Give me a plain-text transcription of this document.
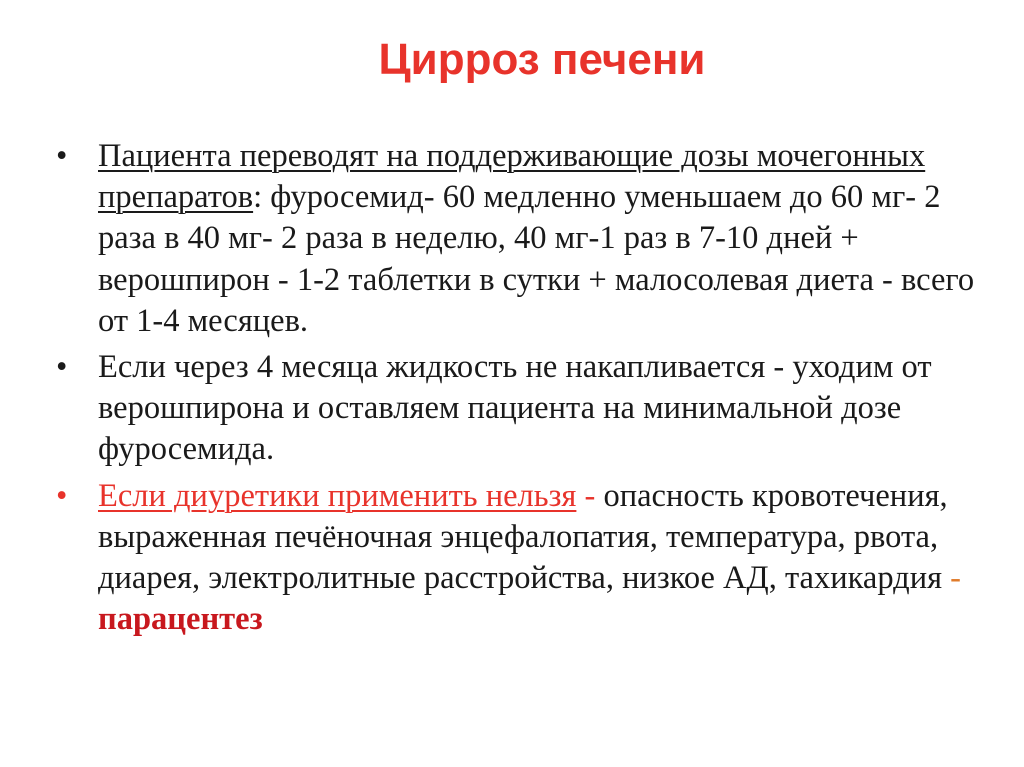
Цирроз печени
• Пациента переводят на поддерживающие дозы мочегонных препаратов: фуросемид- 60 медленно уменьшаем до 60 мг- 2 раза в 40 мг- 2 раза в неделю, 40 мг-1 раз в 7-10 дней + верошпирон - 1-2 таблетки в сутки + малосолевая диета - всего от 1-4 месяцев.
• Если через 4 месяца жидкость не накапливается - уходим от верошпирона и оставляем пациента на минимальной дозе фуросемида.
• Если диуретики применить нельзя - опасность кровотечения, выраженная печёночная энцефалопатия, температура, рвота, диарея, электролитные расстройства, низкое АД, тахикардия - парацентез
